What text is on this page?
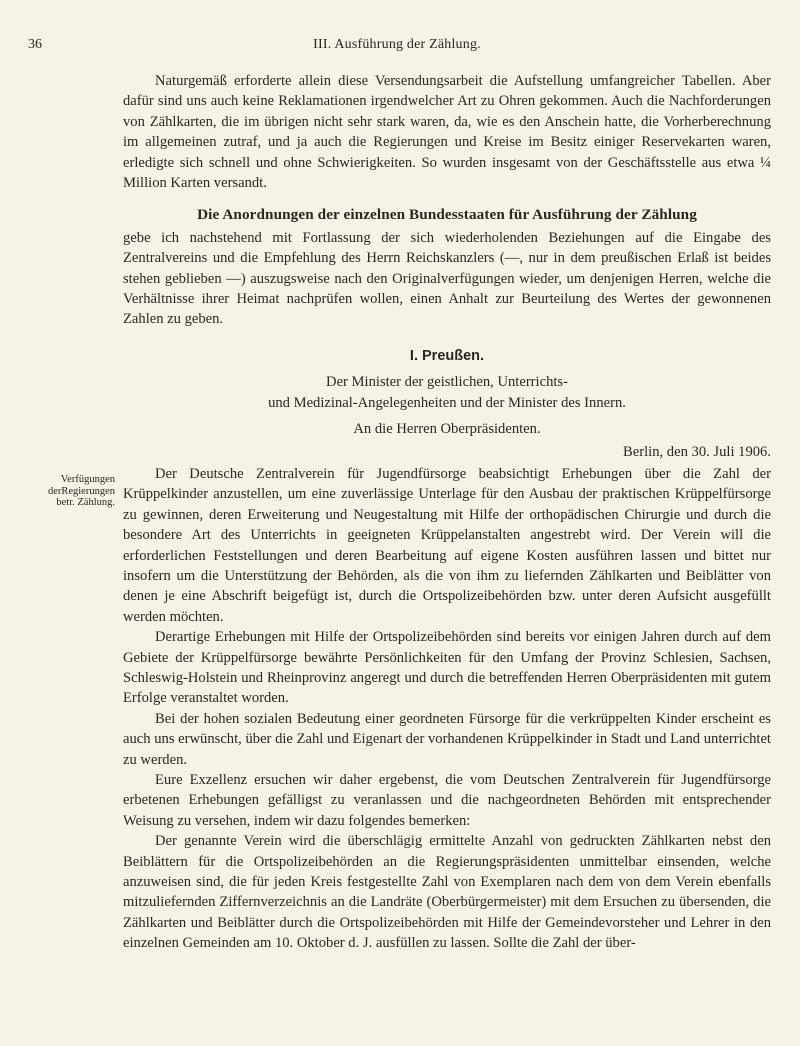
36	III. Ausführung der Zählung.
Verfügungen derRegierungen betr. Zählung.

Naturgemäß erforderte allein diese Versendungsarbeit die Aufstellung umfangreicher Tabellen. Aber dafür sind uns auch keine Reklamationen irgendwelcher Art zu Ohren gekommen. Auch die Nachforderungen von Zählkarten, die im übrigen nicht sehr stark waren, da, wie es den Anschein hatte, die Vorherberechnung im allgemeinen zutraf, und ja auch die Regierungen und Kreise im Besitz einiger Reservekarten waren, erledigte sich schnell und ohne Schwierigkeiten. So wurden insgesamt von der Geschäftsstelle aus etwa ¼ Million Karten versandt.

Die Anordnungen der einzelnen Bundesstaaten für Ausführung der Zählung

gebe ich nachstehend mit Fortlassung der sich wiederholenden Beziehungen auf die Eingabe des Zentralvereins und die Empfehlung des Herrn Reichskanzlers (—, nur in dem preußischen Erlaß ist beides stehen geblieben —) auszugsweise nach den Originalverfügungen wieder, um denjenigen Herren, welche die Verhältnisse ihrer Heimat nachprüfen wollen, einen Anhalt zur Beurteilung des Wertes der gewonnenen Zahlen zu geben.

I. Preußen.
Der Minister der geistlichen, Unterrichts-
und Medizinal-Angelegenheiten und der Minister des Innern.
An die Herren Oberpräsidenten.
Berlin, den 30. Juli 1906.

Der Deutsche Zentralverein für Jugendfürsorge beabsichtigt Erhebungen über die Zahl der Krüppelkinder anzustellen, um eine zuverlässige Unterlage für den Ausbau der praktischen Krüppelfürsorge zu gewinnen, deren Erweiterung und Neugestaltung mit Hilfe der orthopädischen Chirurgie und durch die besondere Art des Unterrichts in geeigneten Krüppelanstalten angestrebt wird. Der Verein will die erforderlichen Feststellungen und deren Bearbeitung auf eigene Kosten ausführen lassen und bittet nur insofern um die Unterstützung der Behörden, als die von ihm zu liefernden Zählkarten und Beiblätter von denen je eine Abschrift beigefügt ist, durch die Ortspolizeibehörden bzw. unter deren Aufsicht ausgefüllt werden möchten.

Derartige Erhebungen mit Hilfe der Ortspolizeibehörden sind bereits vor einigen Jahren durch auf dem Gebiete der Krüppelfürsorge bewährte Persönlichkeiten für den Umfang der Provinz Schlesien, Sachsen, Schleswig-Holstein und Rheinprovinz angeregt und durch die betreffenden Herren Oberpräsidenten mit gutem Erfolge veranstaltet worden.

Bei der hohen sozialen Bedeutung einer geordneten Fürsorge für die verkrüppelten Kinder erscheint es auch uns erwünscht, über die Zahl und Eigenart der vorhandenen Krüppelkinder in Stadt und Land unterrichtet zu werden.

Eure Exzellenz ersuchen wir daher ergebenst, die vom Deutschen Zentralverein für Jugendfürsorge erbetenen Erhebungen gefälligst zu veranlassen und die nachgeordneten Behörden mit entsprechender Weisung zu versehen, indem wir dazu folgendes bemerken:

Der genannte Verein wird die überschlägig ermittelte Anzahl von gedruckten Zählkarten nebst den Beiblättern für die Ortspolizeibehörden an die Regierungspräsidenten unmittelbar einsenden, welche anzuweisen sind, die für jeden Kreis festgestellte Zahl von Exemplaren nach dem von dem Verein ebenfalls mitzuliefernden Ziffernverzeichnis an die Landräte (Oberbürgermeister) mit dem Ersuchen zu übersenden, die Zählkarten und Beiblätter durch die Ortspolizeibehörden mit Hilfe der Gemeindevorsteher und Lehrer in den einzelnen Gemeinden am 10. Oktober d. J. ausfüllen zu lassen. Sollte die Zahl der über-
